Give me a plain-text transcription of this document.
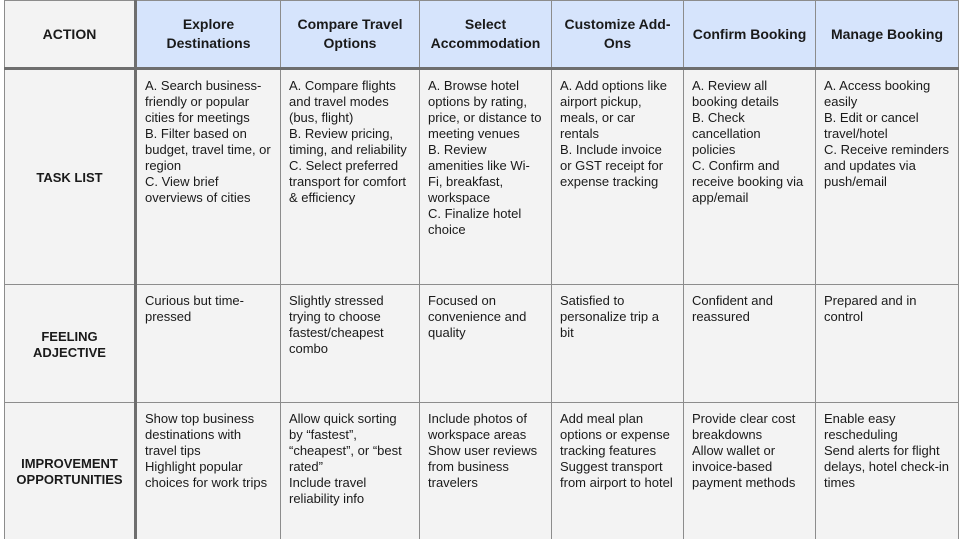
ACTION	Explore Destinations	Compare Travel Options	Select Accommodation	Customize Add-Ons	Confirm Booking	Manage Booking
TASK LIST	A. Search business-friendly or popular cities for meetings
B. Filter based on budget, travel time, or region
C. View brief overviews of cities	A. Compare flights and travel modes (bus, flight)
B. Review pricing, timing, and reliability
C. Select preferred transport for comfort & efficiency	A. Browse hotel options by rating, price, or distance to meeting venues
B. Review amenities like Wi-Fi, breakfast, workspace
C. Finalize hotel choice	A. Add options like airport pickup, meals, or car rentals
B. Include invoice or GST receipt for expense tracking	A. Review all booking details
B. Check cancellation policies
C. Confirm and receive booking via app/email	A. Access booking easily
B. Edit or cancel travel/hotel
C. Receive reminders and updates via push/email
FEELING ADJECTIVE	Curious but time-pressed	Slightly stressed trying to choose fastest/cheapest combo	Focused on convenience and quality	Satisfied to personalize trip a bit	Confident and reassured	Prepared and in control
IMPROVEMENT OPPORTUNITIES	Show top business destinations with travel tips
Highlight popular choices for work trips	Allow quick sorting by “fastest”, “cheapest”, or “best rated”
Include travel reliability info	Include photos of workspace areas
Show user reviews from business travelers	Add meal plan options or expense tracking features
Suggest transport from airport to hotel	Provide clear cost breakdowns
Allow wallet or invoice-based payment methods	Enable easy rescheduling
Send alerts for flight delays, hotel check-in times
